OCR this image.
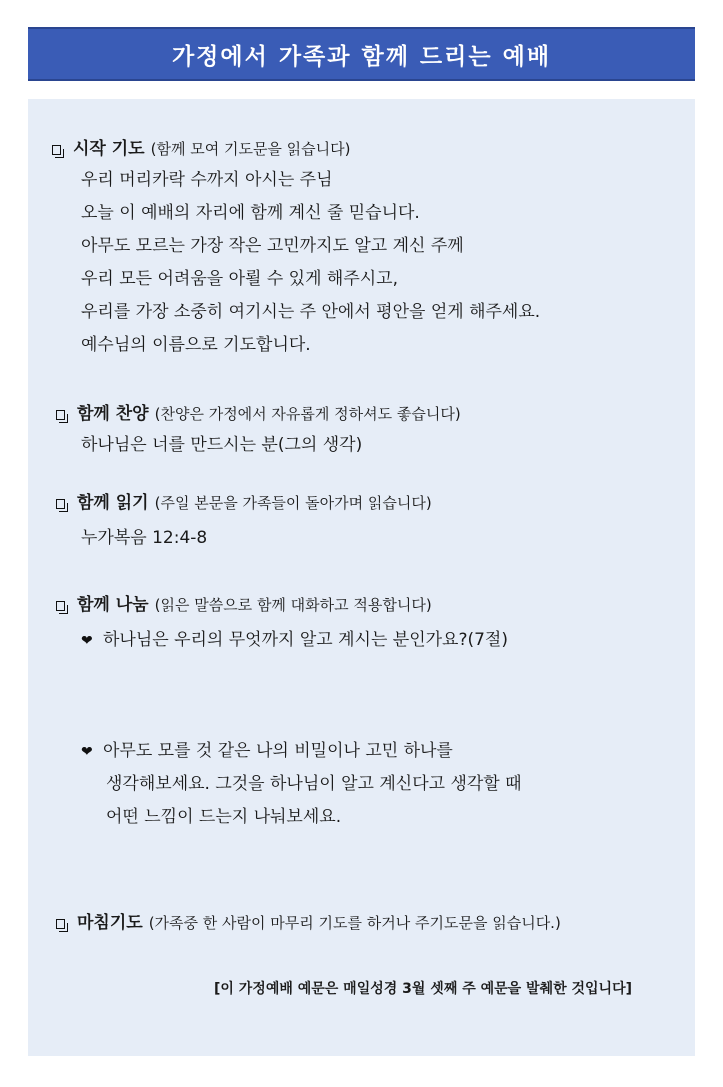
가정에서 가족과 함께 드리는 예배
시작 기도 (함께 모여 기도문을 읽습니다)
우리 머리카락 수까지 아시는 주님
오늘 이 예배의 자리에 함께 계신 줄 믿습니다.
아무도 모르는 가장 작은 고민까지도 알고 계신 주께
우리 모든 어려움을 아뢸 수 있게 해주시고,
우리를 가장 소중히 여기시는 주 안에서 평안을 얻게 해주세요.
예수님의 이름으로 기도합니다.
함께 찬양 (찬양은 가정에서 자유롭게 정하셔도 좋습니다)
하나님은 너를 만드시는 분(그의 생각)
함께 읽기 (주일 본문을 가족들이 돌아가며 읽습니다)
누가복음 12:4-8
함께 나눔 (읽은 말씀으로 함께 대화하고 적용합니다)
❤ 하나님은 우리의 무엇까지 알고 계시는 분인가요?(7절)
❤ 아무도 모를 것 같은 나의 비밀이나 고민 하나를
생각해보세요. 그것을 하나님이 알고 계신다고 생각할 때
어떤 느낌이 드는지 나눠보세요.
마침기도 (가족중 한 사람이 마무리 기도를 하거나 주기도문을 읽습니다.)
[이 가정예배 예문은 매일성경 3월 셋째 주 예문을 발췌한 것입니다]
